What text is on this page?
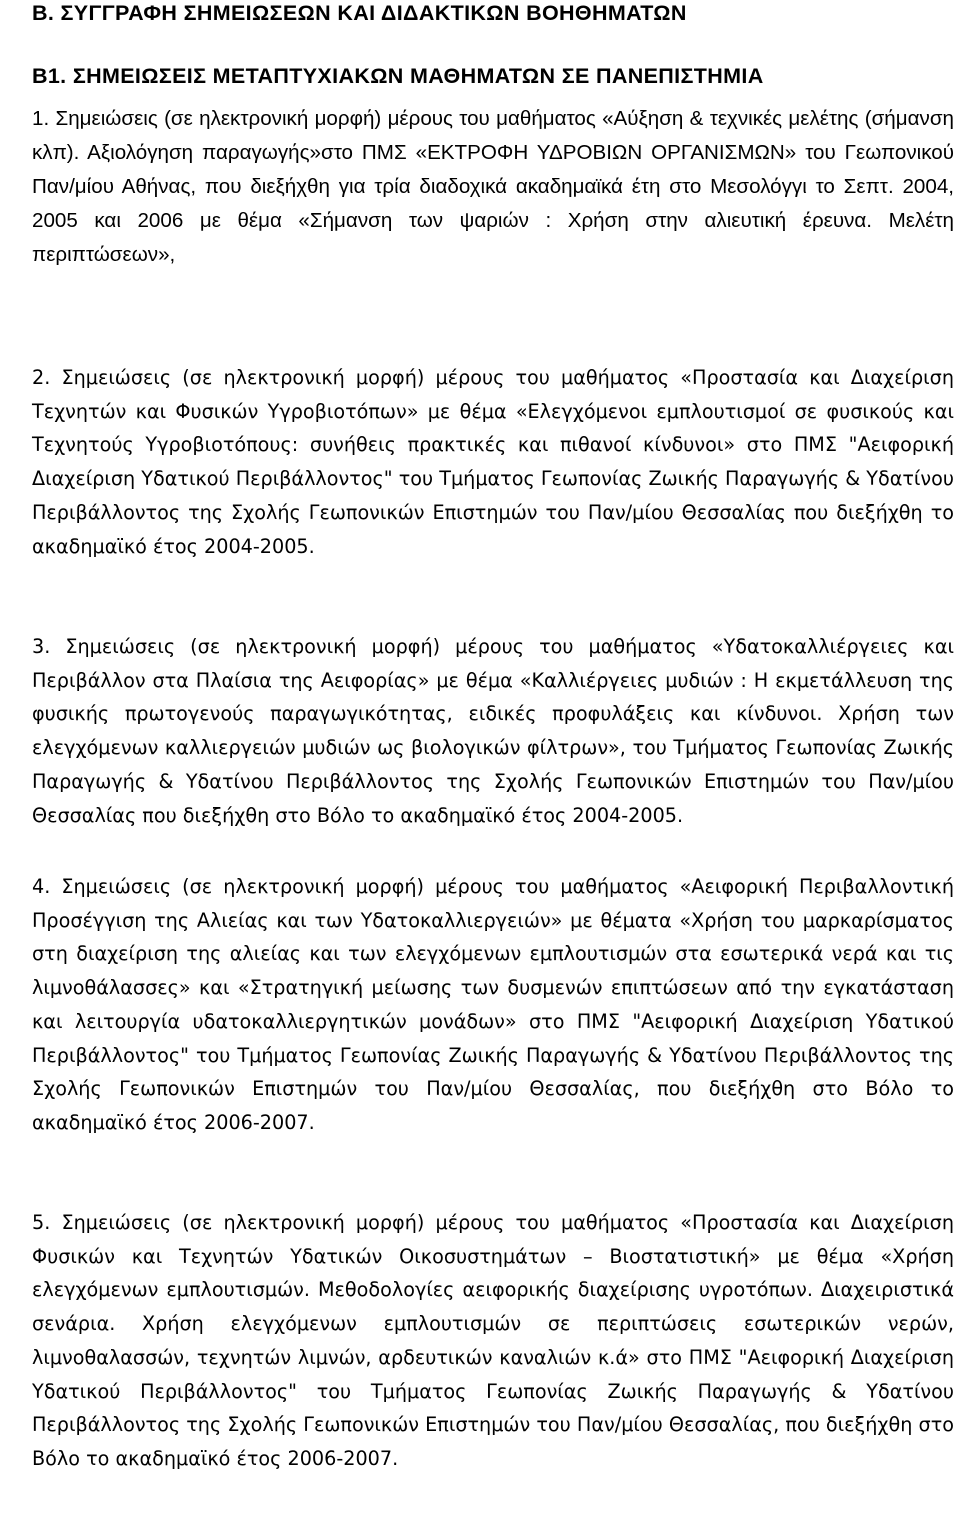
Β. ΣΥΓΓΡΑΦΗ ΣΗΜΕΙΩΣΕΩΝ ΚΑΙ ΔΙΔΑΚΤΙΚΩΝ ΒΟΗΘΗΜΑΤΩΝ
Β1. ΣΗΜΕΙΩΣΕΙΣ ΜΕΤΑΠΤΥΧΙΑΚΩΝ ΜΑΘΗΜΑΤΩΝ ΣΕ ΠΑΝΕΠΙΣΤΗΜΙΑ

1. Σημειώσεις (σε ηλεκτρονική μορφή) μέρους του μαθήματος «Αύξηση & τεχνικές μελέτης (σήμανση κλπ). Αξιολόγηση παραγωγής»στο ΠΜΣ «ΕΚΤΡΟΦΗ ΥΔΡΟΒΙΩΝ ΟΡΓΑΝΙΣΜΩΝ» του Γεωπονικού Παν/μίου Αθήνας, που διεξήχθη για τρία διαδοχικά ακαδημαϊκά έτη στο Μεσολόγγι το Σεπτ. 2004, 2005 και 2006 με θέμα «Σήμανση των ψαριών : Χρήση στην αλιευτική έρευνα. Μελέτη περιπτώσεων»,

2. Σημειώσεις (σε ηλεκτρονική μορφή) μέρους του μαθήματος «Προστασία και Διαχείριση Τεχνητών και Φυσικών Υγροβιοτόπων» με θέμα «Ελεγχόμενοι εμπλουτισμοί σε φυσικούς και Τεχνητούς Υγροβιοτόπους: συνήθεις πρακτικές και πιθανοί κίνδυνοι» στο ΠΜΣ "Αειφορική Διαχείριση Υδατικού Περιβάλλοντος" του Τμήματος Γεωπονίας Ζωικής Παραγωγής & Υδατίνου Περιβάλλοντος της Σχολής Γεωπονικών Επιστημών του Παν/μίου Θεσσαλίας που διεξήχθη το ακαδημαϊκό έτος 2004-2005.

3. Σημειώσεις (σε ηλεκτρονική μορφή) μέρους του μαθήματος «Υδατοκαλλιέργειες και Περιβάλλον στα Πλαίσια της Αειφορίας» με θέμα «Καλλιέργειες μυδιών : Η εκμετάλλευση της φυσικής πρωτογενούς παραγωγικότητας, ειδικές προφυλάξεις και κίνδυνοι. Χρήση των ελεγχόμενων καλλιεργειών μυδιών ως βιολογικών φίλτρων», του Τμήματος Γεωπονίας Ζωικής Παραγωγής & Υδατίνου Περιβάλλοντος της Σχολής Γεωπονικών Επιστημών του Παν/μίου Θεσσαλίας που διεξήχθη στο Βόλο το ακαδημαϊκό έτος 2004-2005.

4. Σημειώσεις (σε ηλεκτρονική μορφή) μέρους του μαθήματος «Αειφορική Περιβαλλοντική Προσέγγιση της Αλιείας και των Υδατοκαλλιεργειών» με θέματα «Χρήση του μαρκαρίσματος στη διαχείριση της αλιείας και των ελεγχόμενων εμπλουτισμών στα εσωτερικά νερά και τις λιμνοθάλασσες» και «Στρατηγική μείωσης των δυσμενών επιπτώσεων από την εγκατάσταση και λειτουργία υδατοκαλλιεργητικών μονάδων» στο ΠΜΣ "Αειφορική Διαχείριση Υδατικού Περιβάλλοντος" του Τμήματος Γεωπονίας Ζωικής Παραγωγής & Υδατίνου Περιβάλλοντος της Σχολής Γεωπονικών Επιστημών του Παν/μίου Θεσσαλίας, που διεξήχθη στο Βόλο το ακαδημαϊκό έτος 2006-2007.

5. Σημειώσεις (σε ηλεκτρονική μορφή) μέρους του μαθήματος «Προστασία και Διαχείριση Φυσικών και Τεχνητών Υδατικών Οικοσυστημάτων – Βιοστατιστική» με θέμα «Χρήση ελεγχόμενων εμπλουτισμών. Μεθοδολογίες αειφορικής διαχείρισης υγροτόπων. Διαχειριστικά σενάρια. Χρήση ελεγχόμενων εμπλουτισμών σε περιπτώσεις εσωτερικών νερών, λιμνοθαλασσών, τεχνητών λιμνών, αρδευτικών καναλιών κ.ά» στο ΠΜΣ "Αειφορική Διαχείριση Υδατικού Περιβάλλοντος" του Τμήματος Γεωπονίας Ζωικής Παραγωγής & Υδατίνου Περιβάλλοντος της Σχολής Γεωπονικών Επιστημών του Παν/μίου Θεσσαλίας, που διεξήχθη στο Βόλο το ακαδημαϊκό έτος 2006-2007.
